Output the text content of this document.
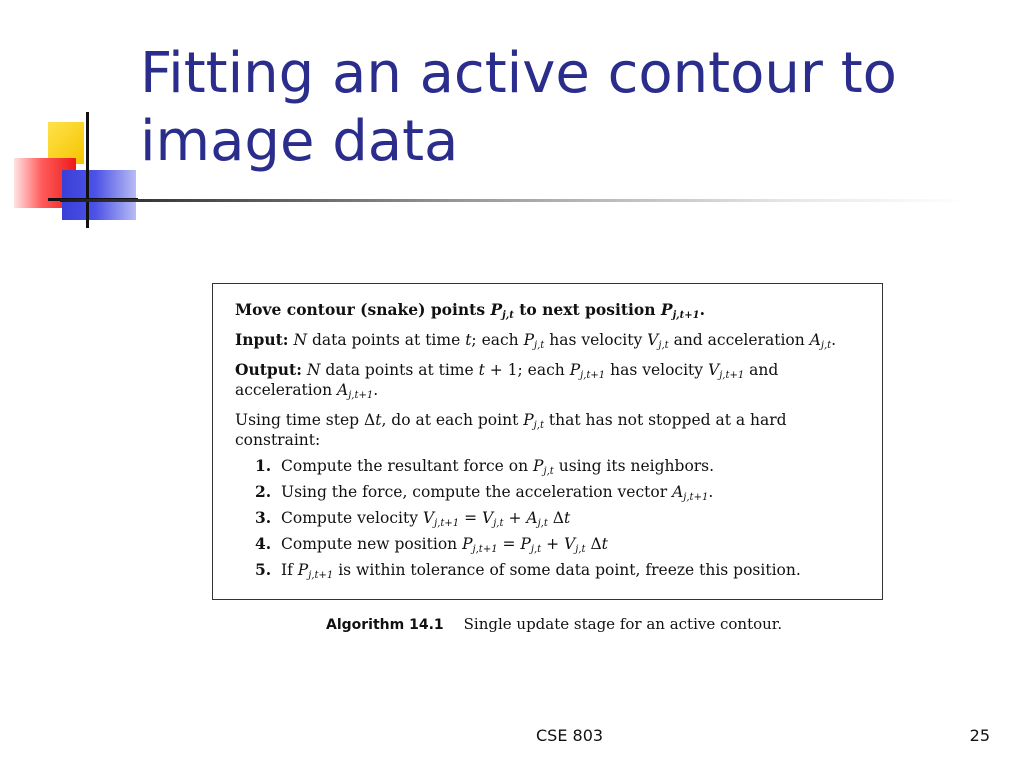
Fitting an active contour to
image data

Move contour (snake) points $P_{j,t}$ to next position $P_{j,t+1}$.

Input: N data points at time t; each $P_{j,t}$ has velocity $V_{j,t}$ and acceleration $A_{j,t}$.

Output: N data points at time t + 1; each $P_{j,t+1}$ has velocity $V_{j,t+1}$ and acceleration $A_{j,t+1}$.

Using time step Δt, do at each point $P_{j,t}$ that has not stopped at a hard constraint:

1. Compute the resultant force on $P_{j,t}$ using its neighbors.
2. Using the force, compute the acceleration vector $A_{j,t+1}$.
3. Compute velocity $V_{j,t+1} = V_{j,t} + A_{j,t}$ Δt
4. Compute new position $P_{j,t+1} = P_{j,t} + V_{j,t}$ Δt
5. If $P_{j,t+1}$ is within tolerance of some data point, freeze this position.
Algorithm 14.1 Single update stage for an active contour.
CSE 803	25
